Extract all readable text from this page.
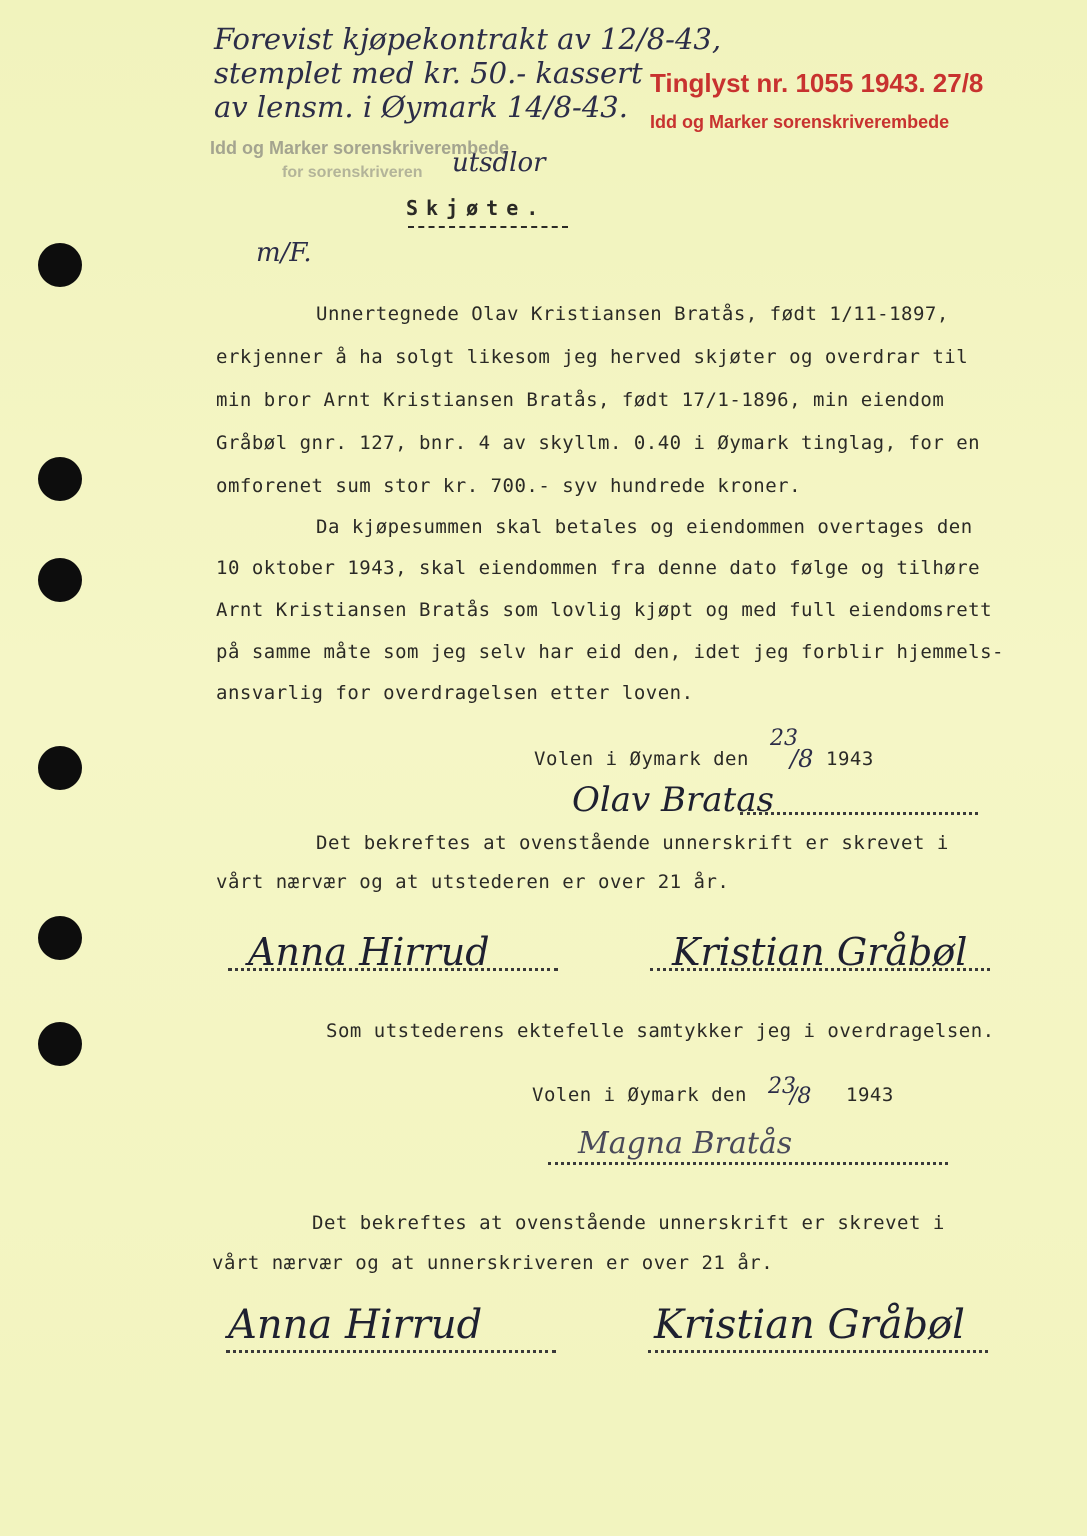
Forevist kjøpekontrakt av 12/8-43,
stemplet med kr. 50.- kassert
av lensm. i Øymark 14/8-43.
Tinglyst nr. 1055 1943. 27/8
Idd og Marker sorenskriverembede
Idd og Marker sorenskriverembede
for sorenskriveren utsdlor
Skjøte.
m/F.
Unnertegnede Olav Kristiansen Bratås, født 1/11-1897,
erkjenner å ha solgt likesom jeg herved skjøter og overdrar til
min bror Arnt Kristiansen Bratås, født 17/1-1896, min eiendom
Gråbøl gnr. 127, bnr. 4 av skyllm. 0.40 i Øymark tinglag, for en
omforenet sum stor kr. 700.- syv hundrede kroner.
Da kjøpesummen skal betales og eiendommen overtages den
10 oktober 1943, skal eiendommen fra denne dato følge og tilhøre
Arnt Kristiansen Bratås som lovlig kjøpt og med full eiendomsrett
på samme måte som jeg selv har eid den, idet jeg forblir hjemmels-
ansvarlig for overdragelsen etter loven.
Volen i Øymark den
23
/8 1943
Olav Bratas
Det bekreftes at ovenstående unnerskrift er skrevet i
vårt nærvær og at utstederen er over 21 år.
Anna Hirrud	Kristian Gråbøl
Som utstederens ektefelle samtykker jeg i overdragelsen.
Volen i Øymark den 23
/8 1943
Magna Bratås
Det bekreftes at ovenstående unnerskrift er skrevet i
vårt nærvær og at unnerskriveren er over 21 år.
Anna Hirrud	Kristian Gråbøl
